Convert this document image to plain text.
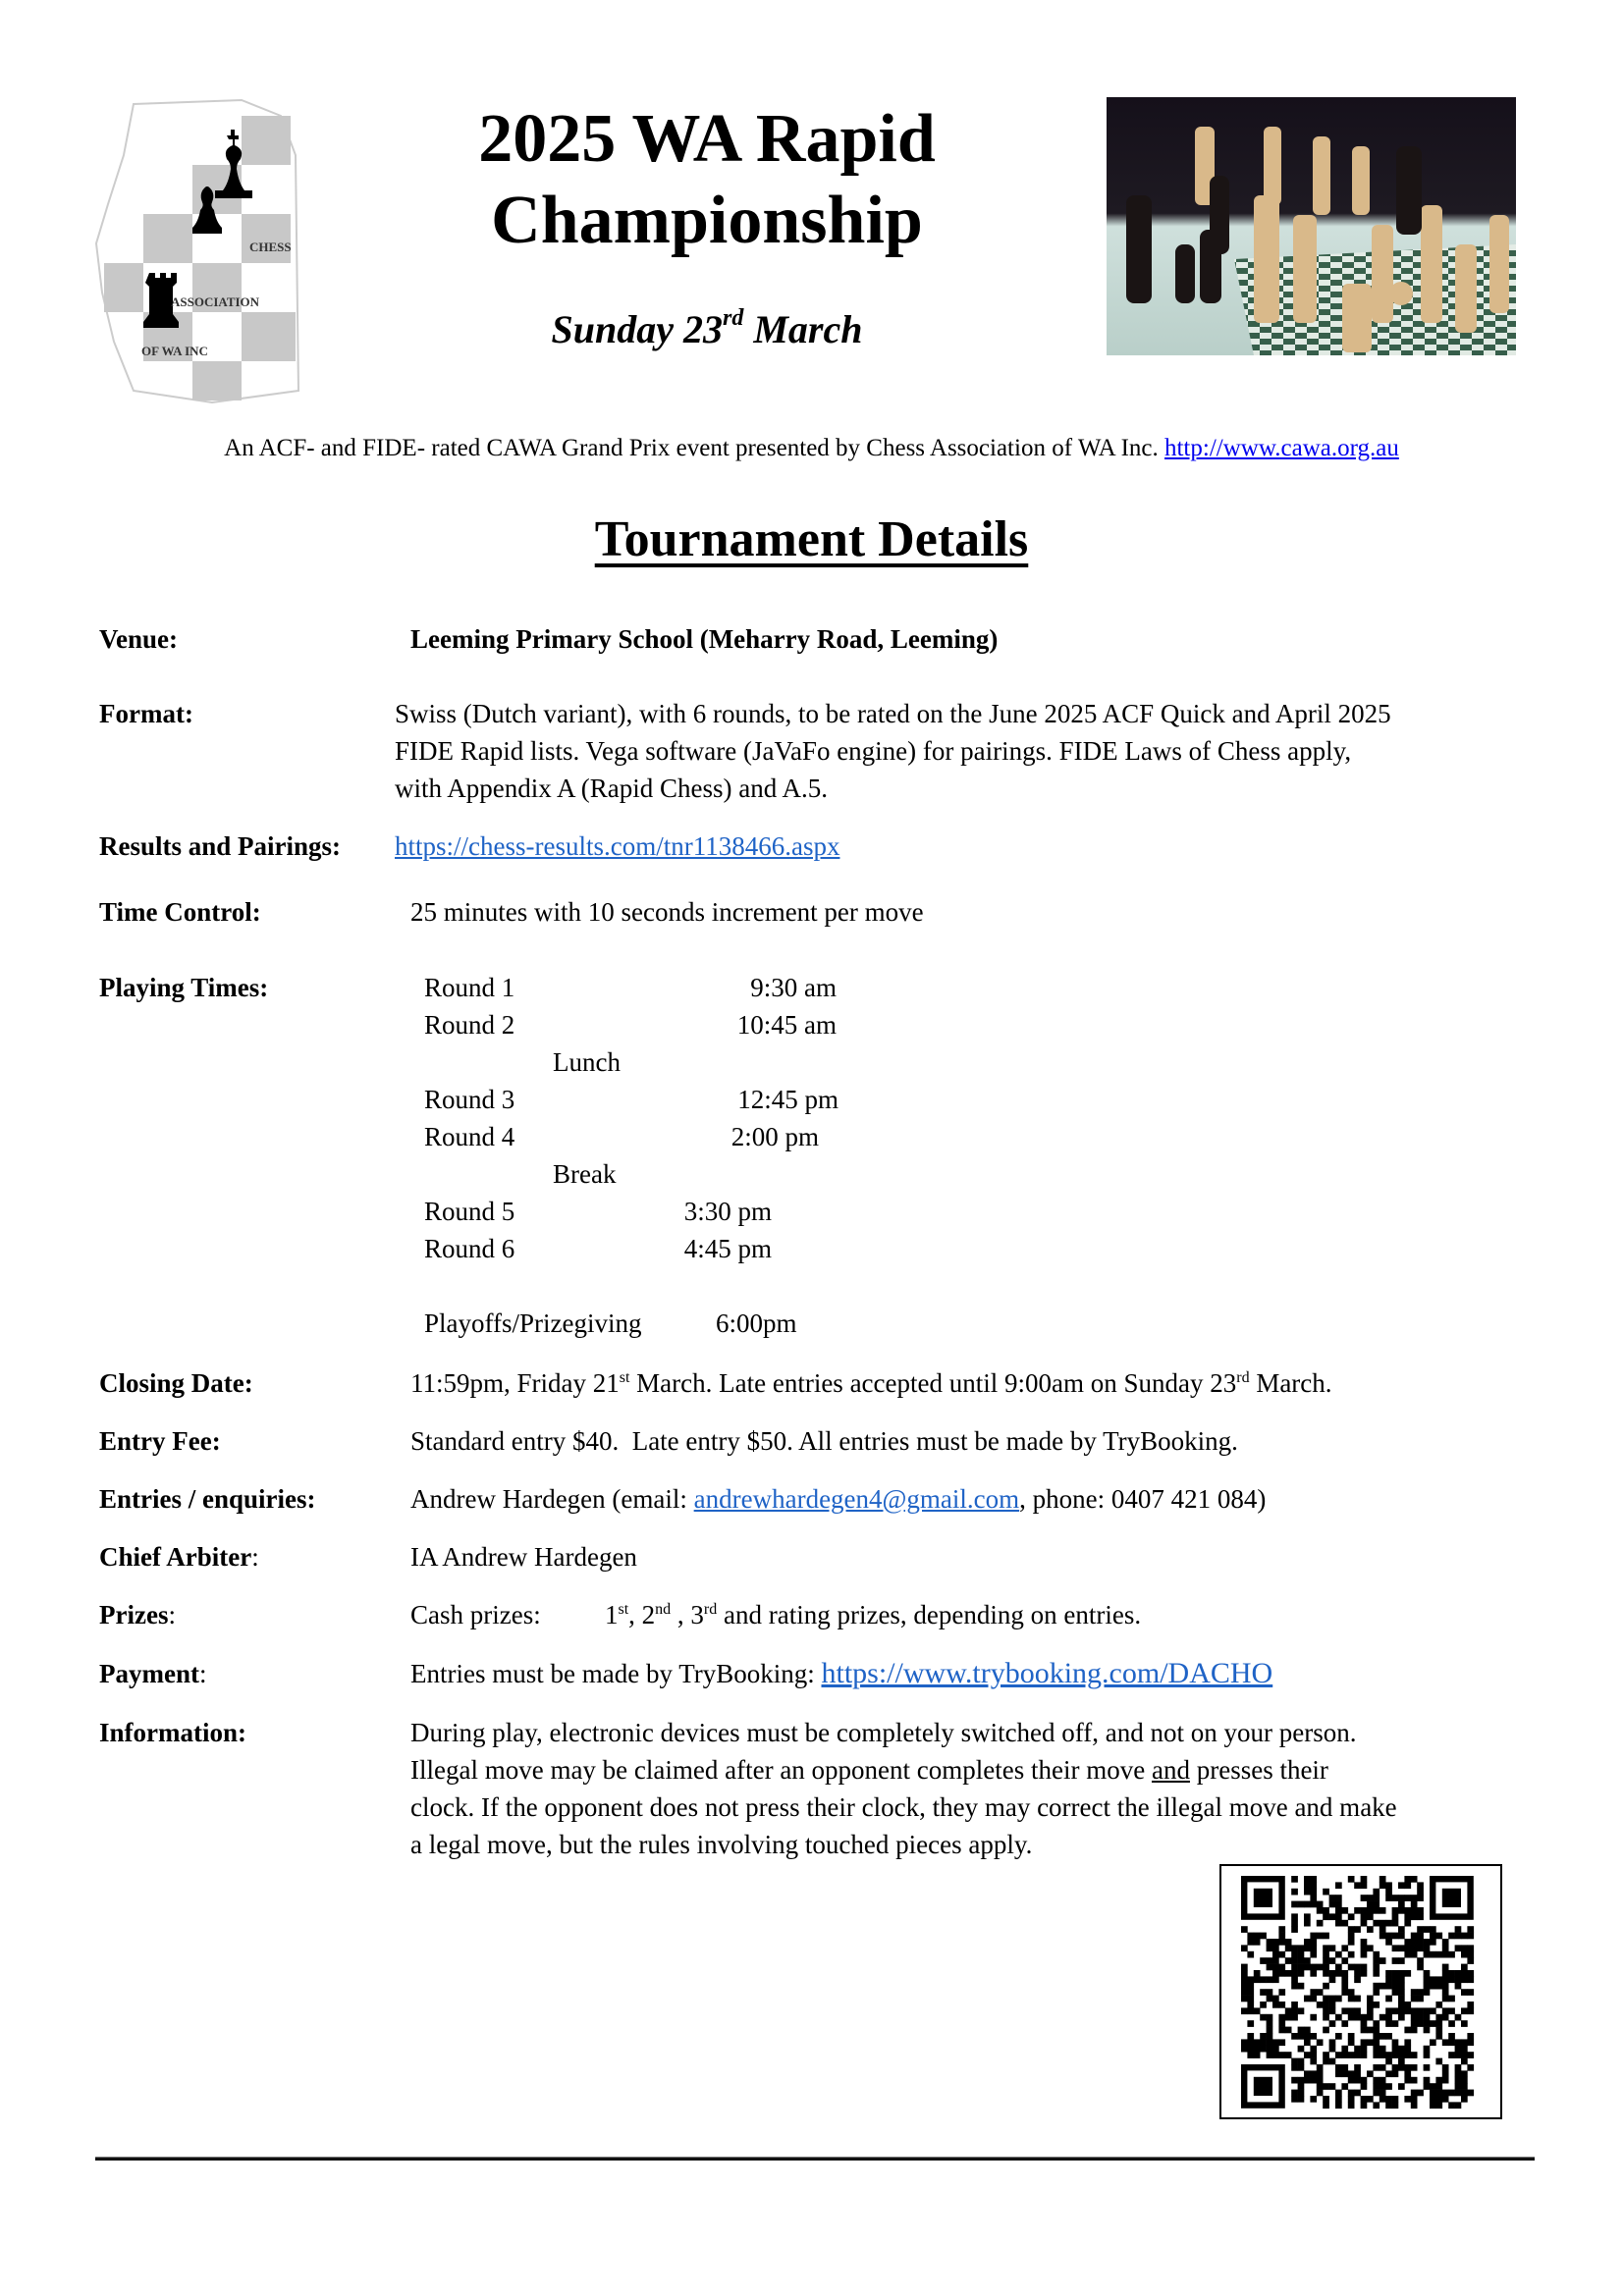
CHESS
ASSOCIATION
OF WA INC
2025 WA Rapid
Championship
Sunday 23rd March
An ACF- and FIDE- rated CAWA Grand Prix event presented by Chess Association of WA Inc. http://www.cawa.org.au
Tournament Details
Venue:	Leeming Primary School (Meharry Road, Leeming)
Format:	Swiss (Dutch variant), with 6 rounds, to be rated on the June 2025 ACF Quick and April 2025
FIDE Rapid lists. Vega software (JaVaFo engine) for pairings. FIDE Laws of Chess apply,
with Appendix A (Rapid Chess) and A.5.
Results and Pairings: https://chess-results.com/tnr1138466.aspx
Time Control:	25 minutes with 10 seconds increment per move
Playing Times:	Round 1	9:30 am
Round 2	10:45 am
Lunch
Round 3	12:45 pm
Round 4	2:00 pm
Break
Round 5	3:30 pm
Round 6	4:45 pm
Playoffs/Prizegiving	6:00pm
Closing Date:	11:59pm, Friday 21st March. Late entries accepted until 9:00am on Sunday 23rd March.
Entry Fee:	Standard entry $40.  Late entry $50. All entries must be made by TryBooking.
Entries / enquiries:	Andrew Hardegen (email: andrewhardegen4@gmail.com, phone: 0407 421 084)
Chief Arbiter:	IA Andrew Hardegen
Prizes:	Cash prizes: 1st, 2nd , 3rd and rating prizes, depending on entries.
Payment:	Entries must be made by TryBooking: https://www.trybooking.com/DACHO
Information:	During play, electronic devices must be completely switched off, and not on your person.
Illegal move may be claimed after an opponent completes their move and presses their
clock. If the opponent does not press their clock, they may correct the illegal move and make
a legal move, but the rules involving touched pieces apply.
